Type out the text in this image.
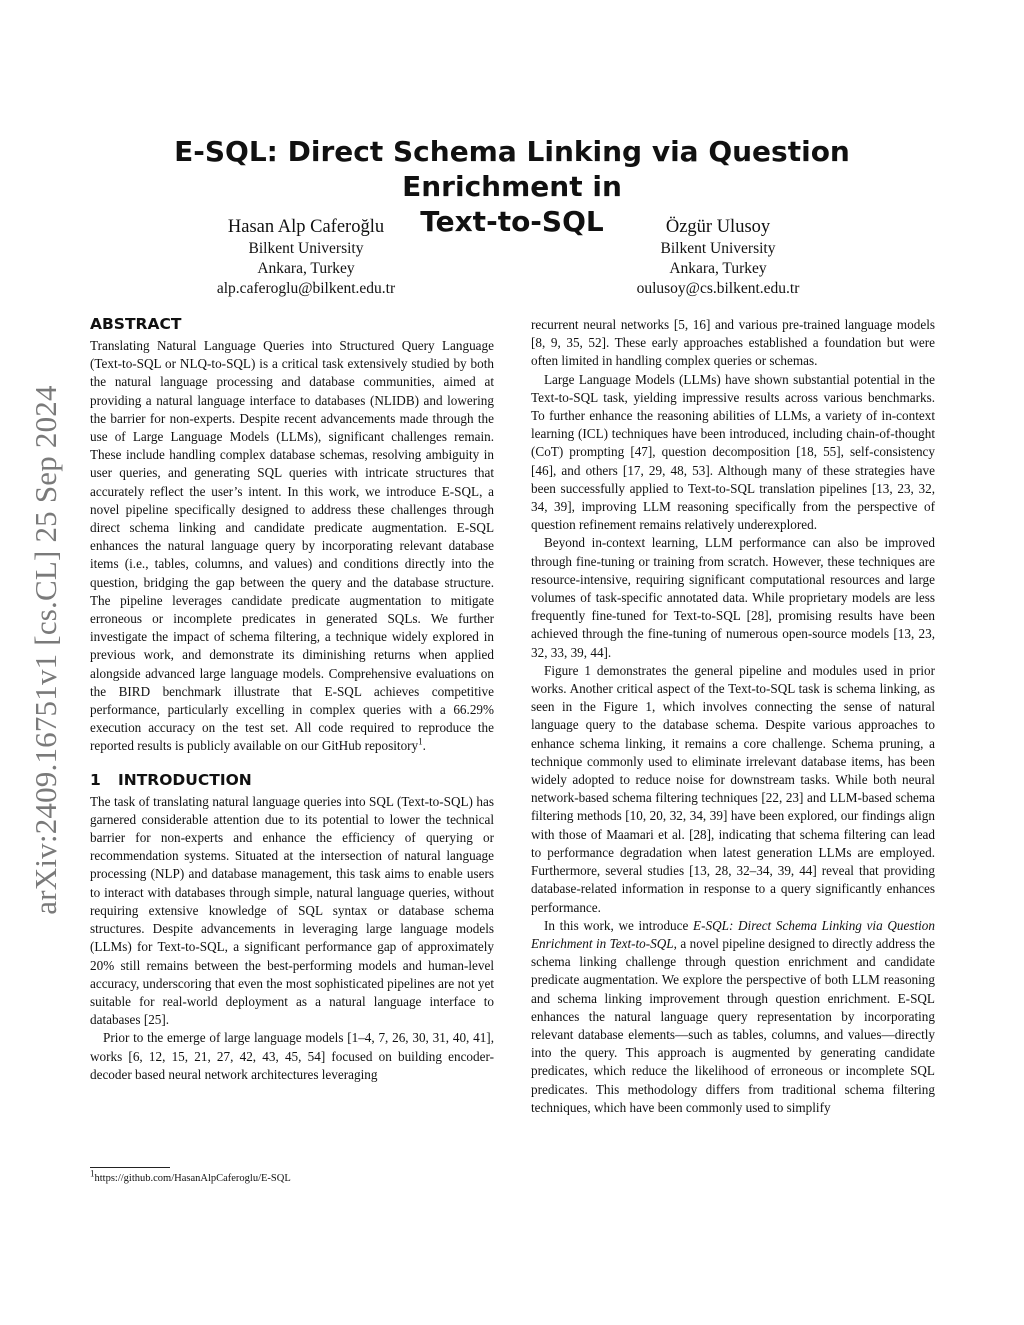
arXiv:2409.16751v1 [cs.CL] 25 Sep 2024
E-SQL: Direct Schema Linking via Question Enrichment in
Text-to-SQL
Hasan Alp Caferoğlu
Bilkent University
Ankara, Turkey
alp.caferoglu@bilkent.edu.tr
Özgür Ulusoy
Bilkent University
Ankara, Turkey
oulusoy@cs.bilkent.edu.tr
ABSTRACT

Translating Natural Language Queries into Structured Query Language (Text-to-SQL or NLQ-to-SQL) is a critical task extensively studied by both the natural language processing and database communities, aimed at providing a natural language interface to databases (NLIDB) and lowering the barrier for non-experts. Despite recent advancements made through the use of Large Language Models (LLMs), significant challenges remain. These include handling complex database schemas, resolving ambiguity in user queries, and generating SQL queries with intricate structures that accurately reflect the user’s intent. In this work, we introduce E-SQL, a novel pipeline specifically designed to address these challenges through direct schema linking and candidate predicate augmentation. E-SQL enhances the natural language query by incorporating relevant database items (i.e., tables, columns, and values) and conditions directly into the question, bridging the gap between the query and the database structure. The pipeline leverages candidate predicate augmentation to mitigate erroneous or incomplete predicates in generated SQLs. We further investigate the impact of schema filtering, a technique widely explored in previous work, and demonstrate its diminishing returns when applied alongside advanced large language models. Comprehensive evaluations on the BIRD benchmark illustrate that E-SQL achieves competitive performance, particularly excelling in complex queries with a 66.29% execution accuracy on the test set. All code required to reproduce the reported results is publicly available on our GitHub repository$^1$.

1 INTRODUCTION

The task of translating natural language queries into SQL (Text-to-SQL) has garnered considerable attention due to its potential to lower the technical barrier for non-experts and enhance the efficiency of querying or recommendation systems. Situated at the intersection of natural language processing (NLP) and database management, this task aims to enable users to interact with databases through simple, natural language queries, without requiring extensive knowledge of SQL syntax or database schema structures. Despite advancements in leveraging large language models (LLMs) for Text-to-SQL, a significant performance gap of approximately 20% still remains between the best-performing models and human-level accuracy, underscoring that even the most sophisticated pipelines are not yet suitable for real-world deployment as a natural language interface to databases [25].

Prior to the emerge of large language models [1–4, 7, 26, 30, 31, 40, 41], works [6, 12, 15, 21, 27, 42, 43, 45, 54] focused on building encoder-decoder based neural network architectures leveraging

recurrent neural networks [5, 16] and various pre-trained language models [8, 9, 35, 52]. These early approaches established a foundation but were often limited in handling complex queries or schemas.

Large Language Models (LLMs) have shown substantial potential in the Text-to-SQL task, yielding impressive results across various benchmarks. To further enhance the reasoning abilities of LLMs, a variety of in-context learning (ICL) techniques have been introduced, including chain-of-thought (CoT) prompting [47], question decomposition [18, 55], self-consistency [46], and others [17, 29, 48, 53]. Although many of these strategies have been successfully applied to Text-to-SQL translation pipelines [13, 23, 32, 34, 39], improving LLM reasoning specifically from the perspective of question refinement remains relatively underexplored.

Beyond in-context learning, LLM performance can also be improved through fine-tuning or training from scratch. However, these techniques are resource-intensive, requiring significant computational resources and large volumes of task-specific annotated data. While proprietary models are less frequently fine-tuned for Text-to-SQL [28], promising results have been achieved through the fine-tuning of numerous open-source models [13, 23, 32, 33, 39, 44].

Figure 1 demonstrates the general pipeline and modules used in prior works. Another critical aspect of the Text-to-SQL task is schema linking, as seen in the Figure 1, which involves connecting the sense of natural language query to the database schema. Despite various approaches to enhance schema linking, it remains a core challenge. Schema pruning, a technique commonly used to eliminate irrelevant database items, has been widely adopted to reduce noise for downstream tasks. While both neural network-based schema filtering techniques [22, 23] and LLM-based schema filtering methods [10, 20, 32, 34, 39] have been explored, our findings align with those of Maamari et al. [28], indicating that schema filtering can lead to performance degradation when latest generation LLMs are employed. Furthermore, several studies [13, 28, 32–34, 39, 44] reveal that providing database-related information in response to a query significantly enhances performance.

In this work, we introduce E-SQL: Direct Schema Linking via Question Enrichment in Text-to-SQL, a novel pipeline designed to directly address the schema linking challenge through question enrichment and candidate predicate augmentation. We explore the perspective of both LLM reasoning and schema linking improvement through question enrichment. E-SQL enhances the natural language query representation by incorporating relevant database elements—such as tables, columns, and values—directly into the query. This approach is augmented by generating candidate predicates, which reduce the likelihood of erroneous or incomplete SQL predicates. This methodology differs from traditional schema filtering techniques, which have been commonly used to simplify

$^1$https://github.com/HasanAlpCaferoglu/E-SQL
